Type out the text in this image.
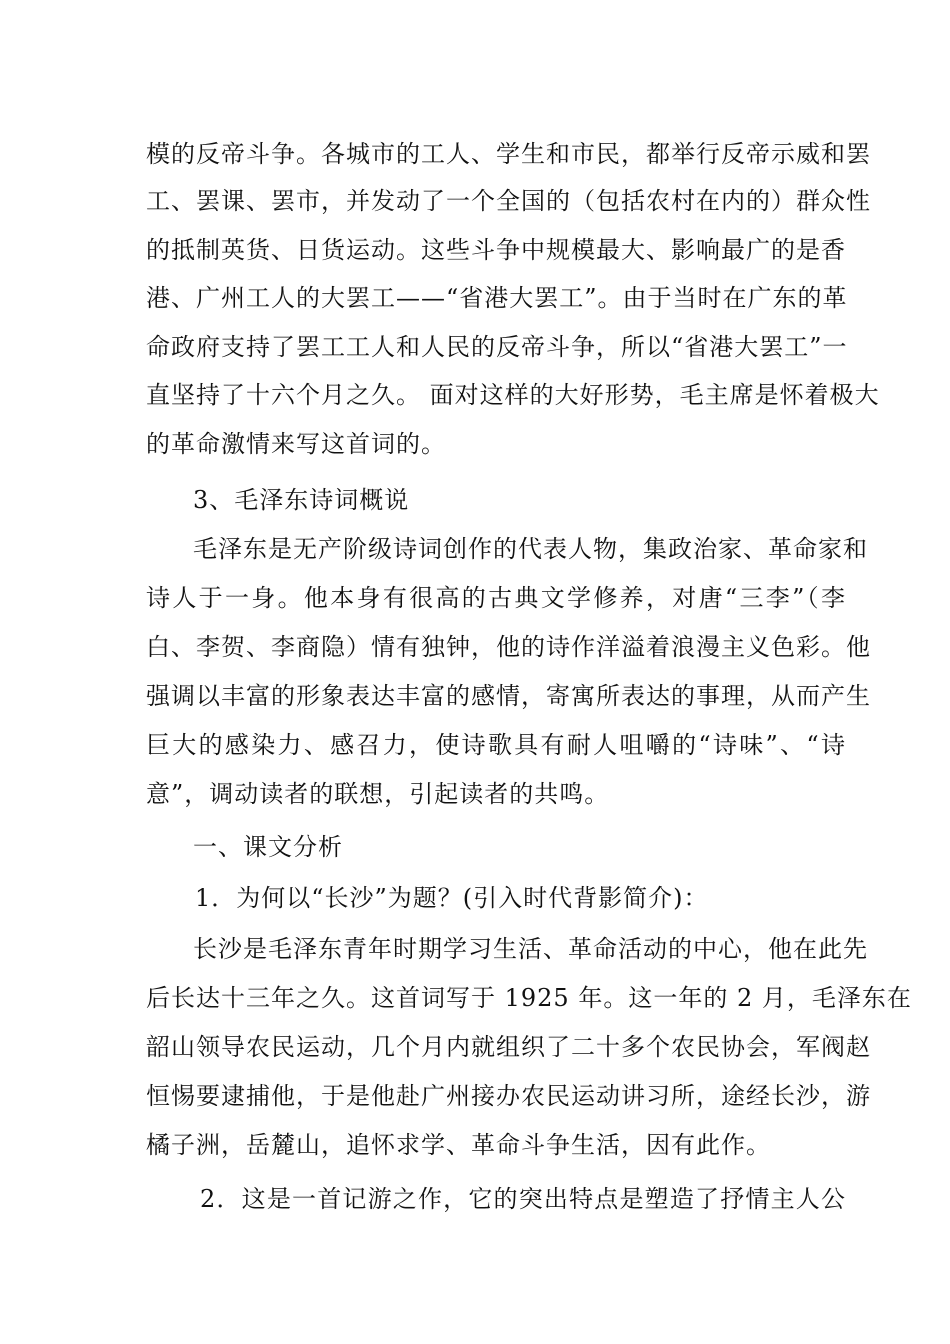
模的反帝斗争。各城市的工人、学生和市民，都举行反帝示威和罢
工、罢课、罢市，并发动了一个全国的（包括农村在内的）群众性
的抵制英货、日货运动。这些斗争中规模最大、影响最广的是香
港、广州工人的大罢工——“省港大罢工”。由于当时在广东的革
命政府支持了罢工工人和人民的反帝斗争，所以“省港大罢工”一
直坚持了十六个月之久。 面对这样的大好形势，毛主席是怀着极大
的革命激情来写这首词的。
3、毛泽东诗词概说
毛泽东是无产阶级诗词创作的代表人物，集政治家、革命家和
诗人于一身。他本身有很高的古典文学修养，对唐“三李”（李
白、李贺、李商隐）情有独钟，他的诗作洋溢着浪漫主义色彩。他
强调以丰富的形象表达丰富的感情，寄寓所表达的事理，从而产生
巨大的感染力、感召力，使诗歌具有耐人咀嚼的“诗味”、“诗
意”，调动读者的联想，引起读者的共鸣。
一、课文分析
1．为何以“长沙”为题？(引入时代背影简介)：
长沙是毛泽东青年时期学习生活、革命活动的中心，他在此先
后长达十三年之久。这首词写于 1925 年。这一年的 2 月，毛泽东在
韶山领导农民运动，几个月内就组织了二十多个农民协会，军阀赵
恒惕要逮捕他，于是他赴广州接办农民运动讲习所，途经长沙，游
橘子洲，岳麓山，追怀求学、革命斗争生活，因有此作。
2．这是一首记游之作，它的突出特点是塑造了抒情主人公
